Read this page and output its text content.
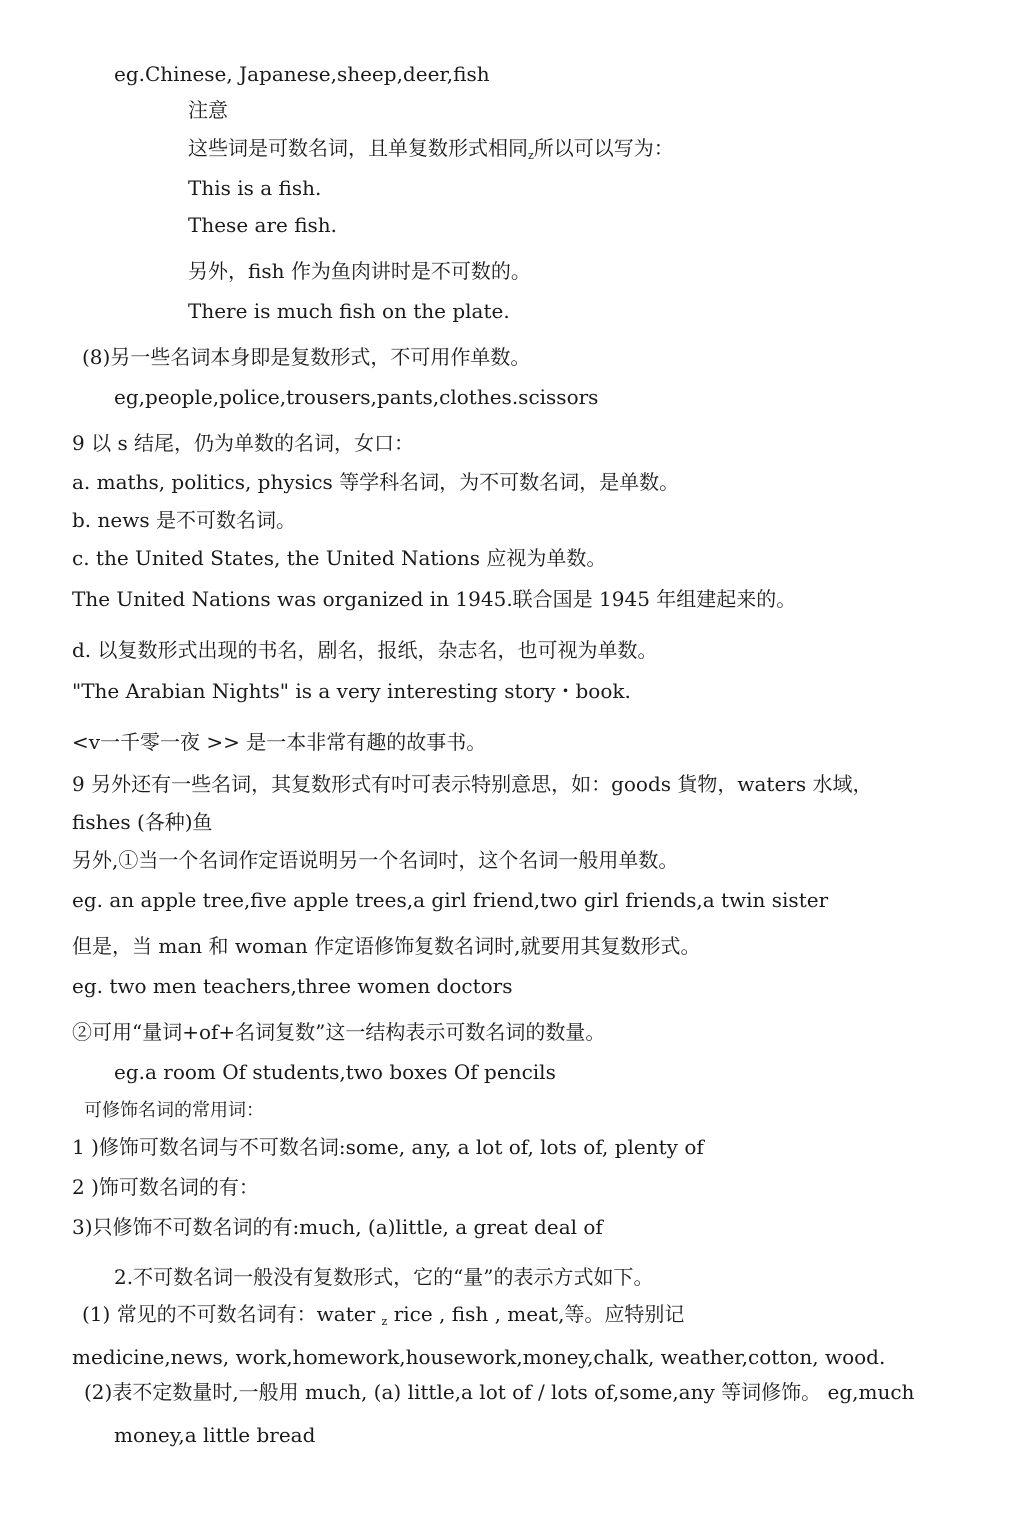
eg.Chinese, Japanese,sheep,deer,fish
注意
这些词是可数名词，且单复数形式相同$_z$所以可以写为：
This is a fish.
These are fish.
另外，fish 作为鱼肉讲时是不可数的。
There is much fish on the plate.
(8)另一些名词本身即是复数形式，不可用作单数。
eg,people,police,trousers,pants,clothes.scissors
9 以 s 结尾，仍为单数的名词，女口：
a. maths, politics, physics 等学科名词，为不可数名词，是单数。
b. news 是不可数名词。
c. the United States, the United Nations 应视为单数。
The United Nations was organized in 1945.联合国是 1945 年组建起来的。
d. 以复数形式出现的书名，剧名，报纸，杂志名，也可视为单数。
"The Arabian Nights" is a very interesting story・book.
<v一千零一夜 >> 是一本非常有趣的故事书。
9 另外还有一些名词，其复数形式有吋可表示特别意思，如：goods 貨物，waters 水域，
fishes (各种)鱼
另外,①当一个名词作定语说明另一个名词吋，这个名词一般用单数。
eg. an apple tree,five apple trees,a girl friend,two girl friends,a twin sister
但是，当 man 和 woman 作定语修饰复数名词时,就要用其复数形式。
eg. two men teachers,three women doctors
②可用“量词+of+名词复数”这一结构表示可数名词的数量。
eg.a room Of students,two boxes Of pencils
可修饰名词的常用词：
1 )修饰可数名词与不可数名词:some, any, a lot of, lots of, plenty of
2 )饰可数名词的有：
3)只修饰不可数名词的有:much, (a)little, a great deal of
2.不可数名词一般没有复数形式，它的“量”的表示方式如下。
(1) 常见的不可数名词有：water $_z$ rice , fish , meat,等。应特别记
medicine,news, work,homework,housework,money,chalk, weather,cotton, wood.
(2)表不定数量时,一般用 much, (a) little,a lot of / lots of,some,any 等词修饰。 eg,much
money,a little bread
